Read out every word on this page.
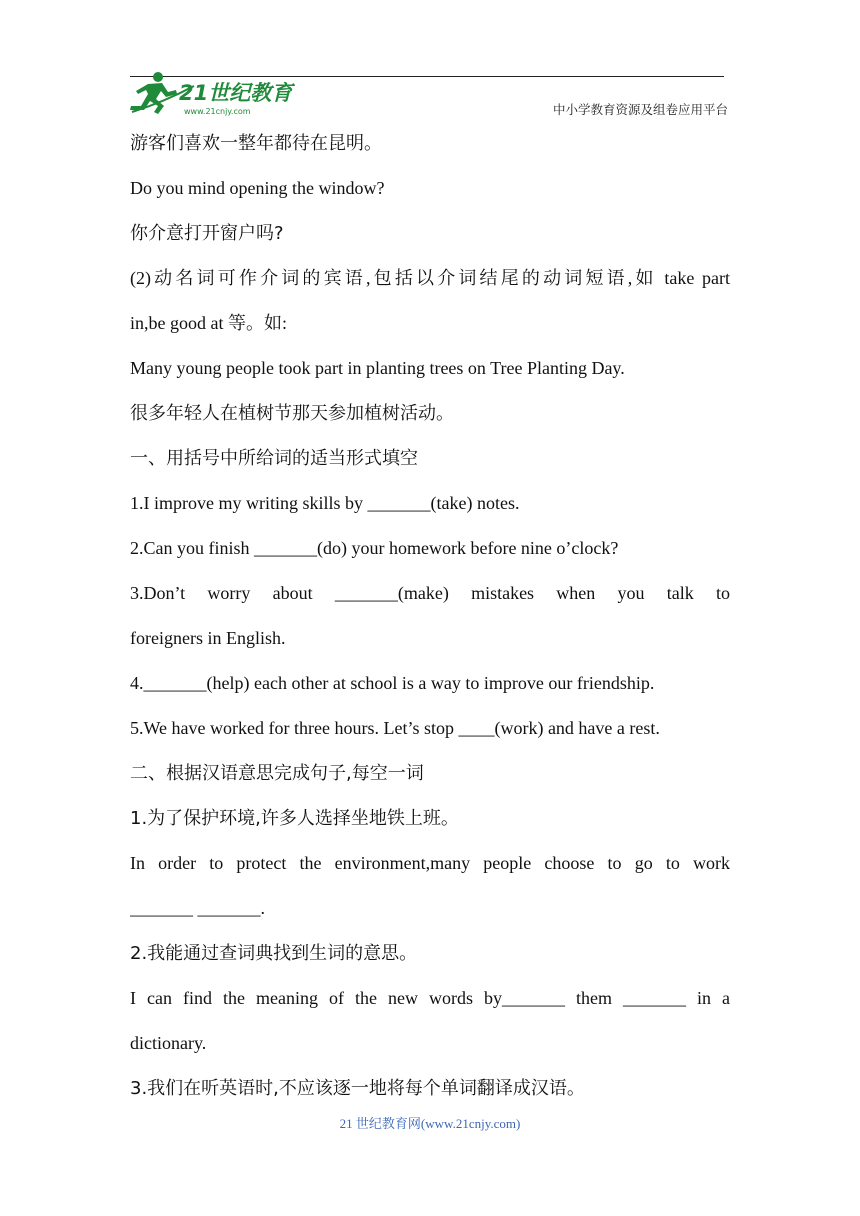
21世纪教育
www.21cnjy.com	中小学教育资源及组卷应用平台
游客们喜欢一整年都待在昆明。
Do you mind opening the window?
你介意打开窗户吗?
(2)动名词可作介词的宾语,包括以介词结尾的动词短语,如 take part
in,be good at 等。如:
Many young people took part in planting trees on Tree Planting Day.
很多年轻人在植树节那天参加植树活动。
一、用括号中所给词的适当形式填空
1.I improve my writing skills by _______(take) notes.
2.Can you finish _______(do) your homework before nine o’clock?
3.Don’t worry about _______(make) mistakes when you talk to
foreigners in English.
4._______(help) each other at school is a way to improve our friendship.
5.We have worked for three hours. Let’s stop ____(work) and have a rest.
二、根据汉语意思完成句子,每空一词
1.为了保护环境,许多人选择坐地铁上班。
In order to protect the environment,many people choose to go to work
_______ _______.
2.我能通过查词典找到生词的意思。
I can find the meaning of the new words by_______ them _______ in a
dictionary.
3.我们在听英语时,不应该逐一地将每个单词翻译成汉语。
21 世纪教育网(www.21cnjy.com)
